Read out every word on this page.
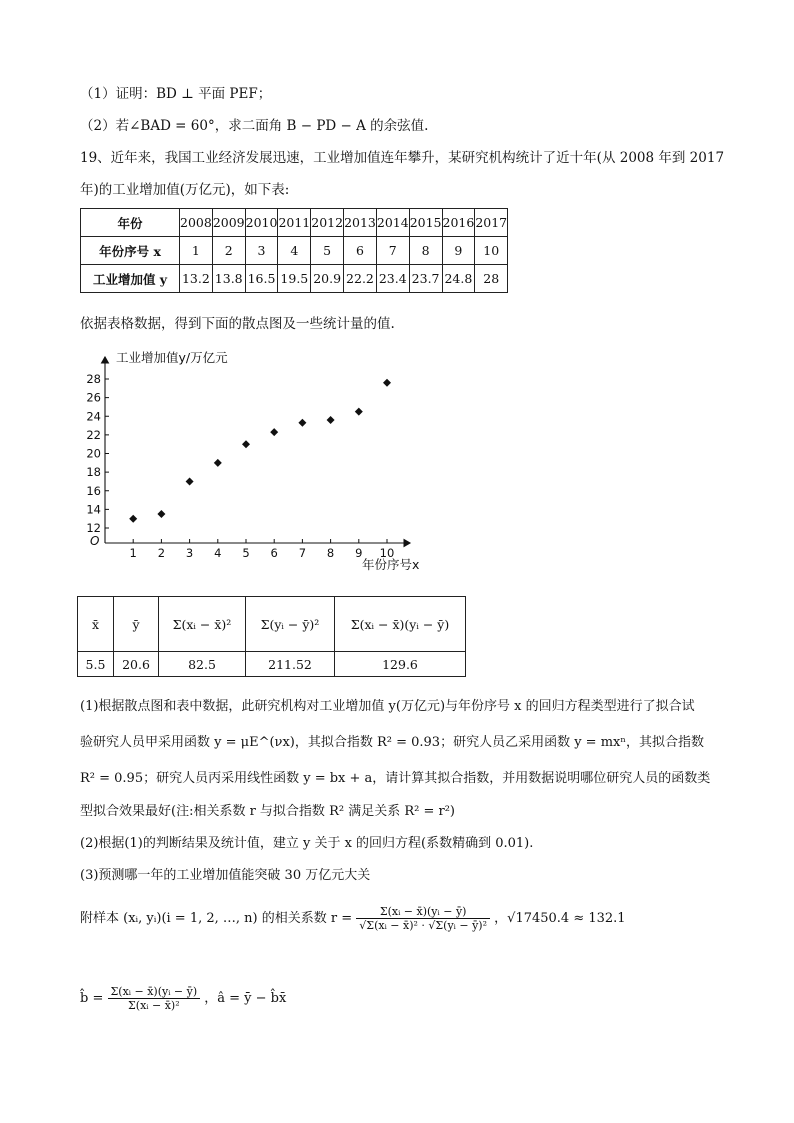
（1）证明：BD ⊥ 平面 PEF；
（2）若∠BAD = 60°，求二面角 B − PD − A 的余弦值.
19、近年来，我国工业经济发展迅速，工业增加值连年攀升，某研究机构统计了近十年(从 2008 年到 2017
年)的工业增加值(万亿元)，如下表:
年份	2008	2009	2010	2011	2012	2013	2014	2015	2016	2017
年份序号 x	1	2	3	4	5	6	7	8	9	10
工业增加值 y	13.2	13.8	16.5	19.5	20.9	22.2	23.4	23.7	24.8	28
依据表格数据，得到下面的散点图及一些统计量的值.
工业增加值y/万亿元
年份序号x
O
1 2 3 4 5 6 7 8 9 10
12
14
16
18
20
22
24
26
28
x̄	ȳ	Σ(xᵢ − x̄)²	Σ(yᵢ − ȳ)²	Σ(xᵢ − x̄)(yᵢ − ȳ)
5.5	20.6	82.5	211.52	129.6
(1)根据散点图和表中数据，此研究机构对工业增加值 y(万亿元)与年份序号 x 的回归方程类型进行了拟合试
验研究人员甲采用函数 y = μE^(νx)，其拟合指数 R² = 0.93；研究人员乙采用函数 y = mxⁿ，其拟合指数
R² = 0.95；研究人员丙采用线性函数 y = bx + a，请计算其拟合指数，并用数据说明哪位研究人员的函数类
型拟合效果最好(注:相关系数 r 与拟合指数 R² 满足关系 R² = r²)
(2)根据(1)的判断结果及统计值，建立 y 关于 x 的回归方程(系数精确到 0.01).
(3)预测哪一年的工业增加值能突破 30 万亿元大关
附样本 (xᵢ, yᵢ)(i = 1, 2, …, n) 的相关系数 $r = \frac{\text{Σ(xᵢ − x̄)(yᵢ − ȳ)}}{\text{√Σ(xᵢ − x̄)² · √Σ(yᵢ − ȳ)²}}$ ，√17450.4 ≈ 132.1
b̂ = $\frac{\text{Σ(xᵢ − x̄)(yᵢ − ȳ)}}{\text{Σ(xᵢ − x̄)²}}$ ，â = ȳ − b̂x̄
